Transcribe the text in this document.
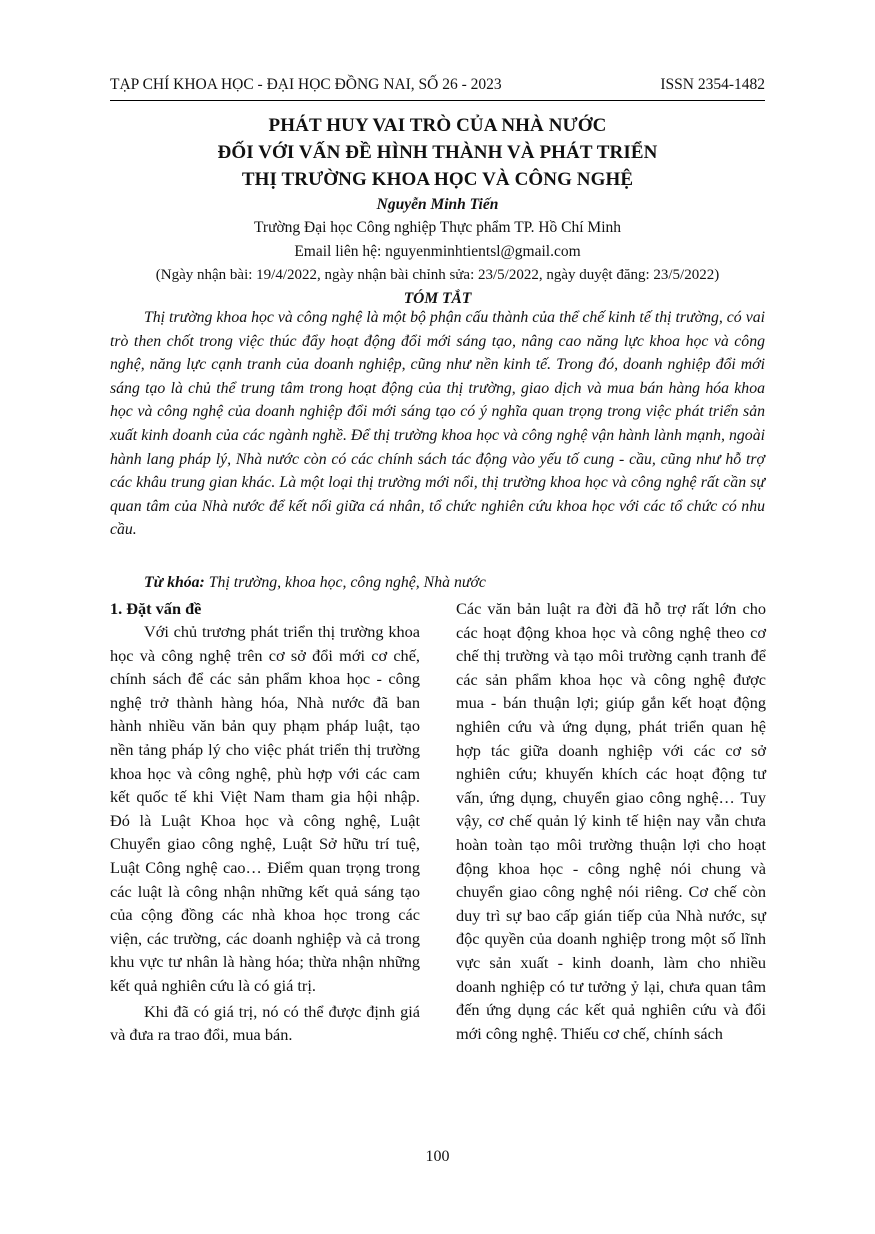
TẠP CHÍ KHOA HỌC - ĐẠI HỌC ĐỒNG NAI, SỐ 26 - 2023	ISSN 2354-1482
PHÁT HUY VAI TRÒ CỦA NHÀ NƯỚC
ĐỐI VỚI VẤN ĐỀ HÌNH THÀNH VÀ PHÁT TRIỂN
THỊ TRƯỜNG KHOA HỌC VÀ CÔNG NGHỆ
Nguyễn Minh Tiến
Trường Đại học Công nghiệp Thực phẩm TP. Hồ Chí Minh
Email liên hệ: nguyenminhtientsl@gmail.com
(Ngày nhận bài: 19/4/2022, ngày nhận bài chỉnh sửa: 23/5/2022, ngày duyệt đăng: 23/5/2022)
TÓM TẮT

Thị trường khoa học và công nghệ là một bộ phận cấu thành của thể chế kinh tế thị trường, có vai trò then chốt trong việc thúc đẩy hoạt động đổi mới sáng tạo, nâng cao năng lực khoa học và công nghệ, năng lực cạnh tranh của doanh nghiệp, cũng như nền kinh tế. Trong đó, doanh nghiệp đổi mới sáng tạo là chủ thể trung tâm trong hoạt động của thị trường, giao dịch và mua bán hàng hóa khoa học và công nghệ của doanh nghiệp đổi mới sáng tạo có ý nghĩa quan trọng trong việc phát triển sản xuất kinh doanh của các ngành nghề. Để thị trường khoa học và công nghệ vận hành lành mạnh, ngoài hành lang pháp lý, Nhà nước còn có các chính sách tác động vào yếu tố cung - cầu, cũng như hỗ trợ các khâu trung gian khác. Là một loại thị trường mới nổi, thị trường khoa học và công nghệ rất cần sự quan tâm của Nhà nước để kết nối giữa cá nhân, tổ chức nghiên cứu khoa học với các tổ chức có nhu cầu.

Từ khóa: Thị trường, khoa học, công nghệ, Nhà nước
1. Đặt vấn đề

Với chủ trương phát triển thị trường khoa học và công nghệ trên cơ sở đổi mới cơ chế, chính sách để các sản phẩm khoa học - công nghệ trở thành hàng hóa, Nhà nước đã ban hành nhiều văn bản quy phạm pháp luật, tạo nền tảng pháp lý cho việc phát triển thị trường khoa học và công nghệ, phù hợp với các cam kết quốc tế khi Việt Nam tham gia hội nhập. Đó là Luật Khoa học và công nghệ, Luật Chuyển giao công nghệ, Luật Sở hữu trí tuệ, Luật Công nghệ cao… Điểm quan trọng trong các luật là công nhận những kết quả sáng tạo của cộng đồng các nhà khoa học trong các viện, các trường, các doanh nghiệp và cả trong khu vực tư nhân là hàng hóa; thừa nhận những kết quả nghiên cứu là có giá trị.

Khi đã có giá trị, nó có thể được định giá và đưa ra trao đổi, mua bán.

Các văn bản luật ra đời đã hỗ trợ rất lớn cho các hoạt động khoa học và công nghệ theo cơ chế thị trường và tạo môi trường cạnh tranh để các sản phẩm khoa học và công nghệ được mua - bán thuận lợi; giúp gắn kết hoạt động nghiên cứu và ứng dụng, phát triển quan hệ hợp tác giữa doanh nghiệp với các cơ sở nghiên cứu; khuyến khích các hoạt động tư vấn, ứng dụng, chuyển giao công nghệ… Tuy vậy, cơ chế quản lý kinh tế hiện nay vẫn chưa hoàn toàn tạo môi trường thuận lợi cho hoạt động khoa học - công nghệ nói chung và chuyển giao công nghệ nói riêng. Cơ chế còn duy trì sự bao cấp gián tiếp của Nhà nước, sự độc quyền của doanh nghiệp trong một số lĩnh vực sản xuất - kinh doanh, làm cho nhiều doanh nghiệp có tư tưởng ỷ lại, chưa quan tâm đến ứng dụng các kết quả nghiên cứu và đổi mới công nghệ. Thiếu cơ chế, chính sách

100
